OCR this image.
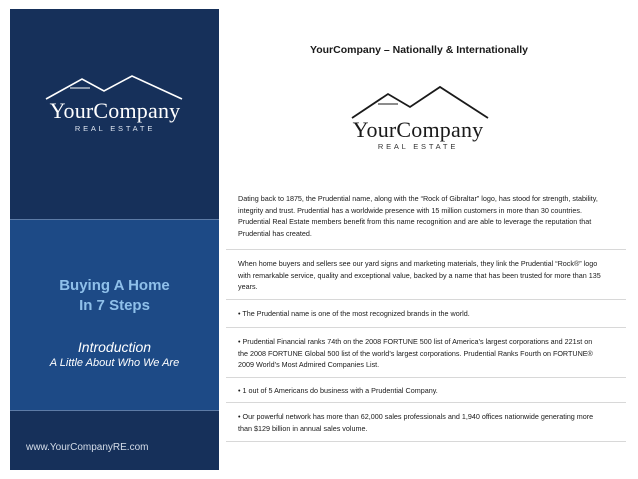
YourCompany
REAL ESTATE
Buying A Home
In 7 Steps
Introduction
A Little About Who We Are
www.YourCompanyRE.com
YourCompany – Nationally & Internationally
YourCompany
REAL ESTATE
Dating back to 1875, the Prudential name, along with the “Rock of Gibraltar” logo, has stood for strength, stability, integrity and trust. Prudential has a worldwide presence with 15 million customers in more than 30 countries. Prudential Real Estate members benefit from this name recognition and are able to leverage the reputation that Prudential has created.
When home buyers and sellers see our yard signs and marketing materials, they link the Prudential “Rock®” logo with remarkable service, quality and exceptional value, backed by a name that has been trusted for more than 135 years.
• The Prudential name is one of the most recognized brands in the world.
• Prudential Financial ranks 74th on the 2008 FORTUNE 500 list of America’s largest corporations and 221st on the 2008 FORTUNE Global 500 list of the world’s largest corporations. Prudential Ranks Fourth on FORTUNE® 2009 World’s Most Admired Companies List.
• 1 out of 5 Americans do business with a Prudential Company.
• Our powerful network has more than 62,000 sales professionals and 1,940 offices nationwide generating more than $129 billion in annual sales volume.
